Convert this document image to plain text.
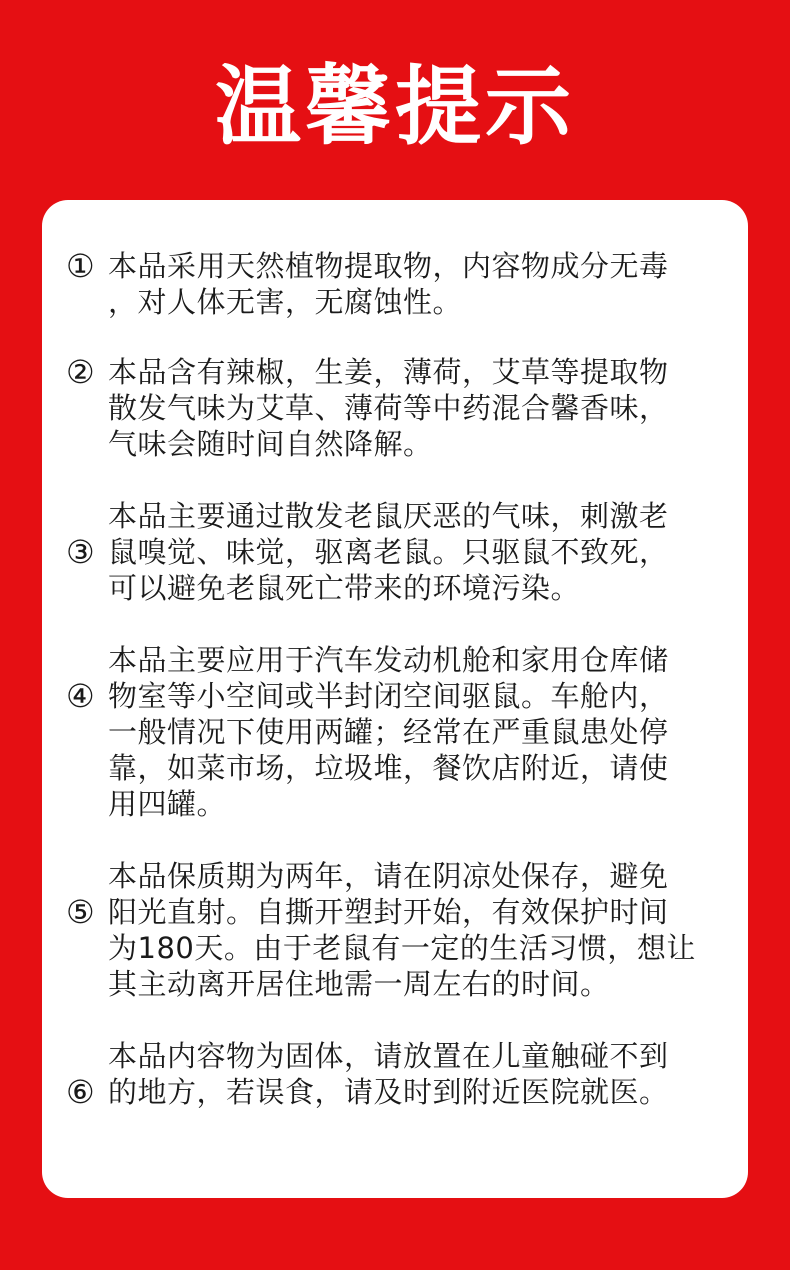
温馨提示
① 本品采用天然植物提取物，内容物成分无毒
，对人体无害，无腐蚀性。
② 本品含有辣椒，生姜，薄荷，艾草等提取物
散发气味为艾草、薄荷等中药混合馨香味，
气味会随时间自然降解。
③
本品主要通过散发老鼠厌恶的气味，刺激老
鼠嗅觉、味觉，驱离老鼠。只驱鼠不致死，
可以避免老鼠死亡带来的环境污染。
④
本品主要应用于汽车发动机舱和家用仓库储
物室等小空间或半封闭空间驱鼠。车舱内，
一般情况下使用两罐；经常在严重鼠患处停
靠，如菜市场，垃圾堆，餐饮店附近，请使
用四罐。
⑤
本品保质期为两年，请在阴凉处保存，避免
阳光直射。自撕开塑封开始，有效保护时间
为180天。由于老鼠有一定的生活习惯，想让
其主动离开居住地需一周左右的时间。
⑥
本品内容物为固体，请放置在儿童触碰不到
的地方，若误食，请及时到附近医院就医。
